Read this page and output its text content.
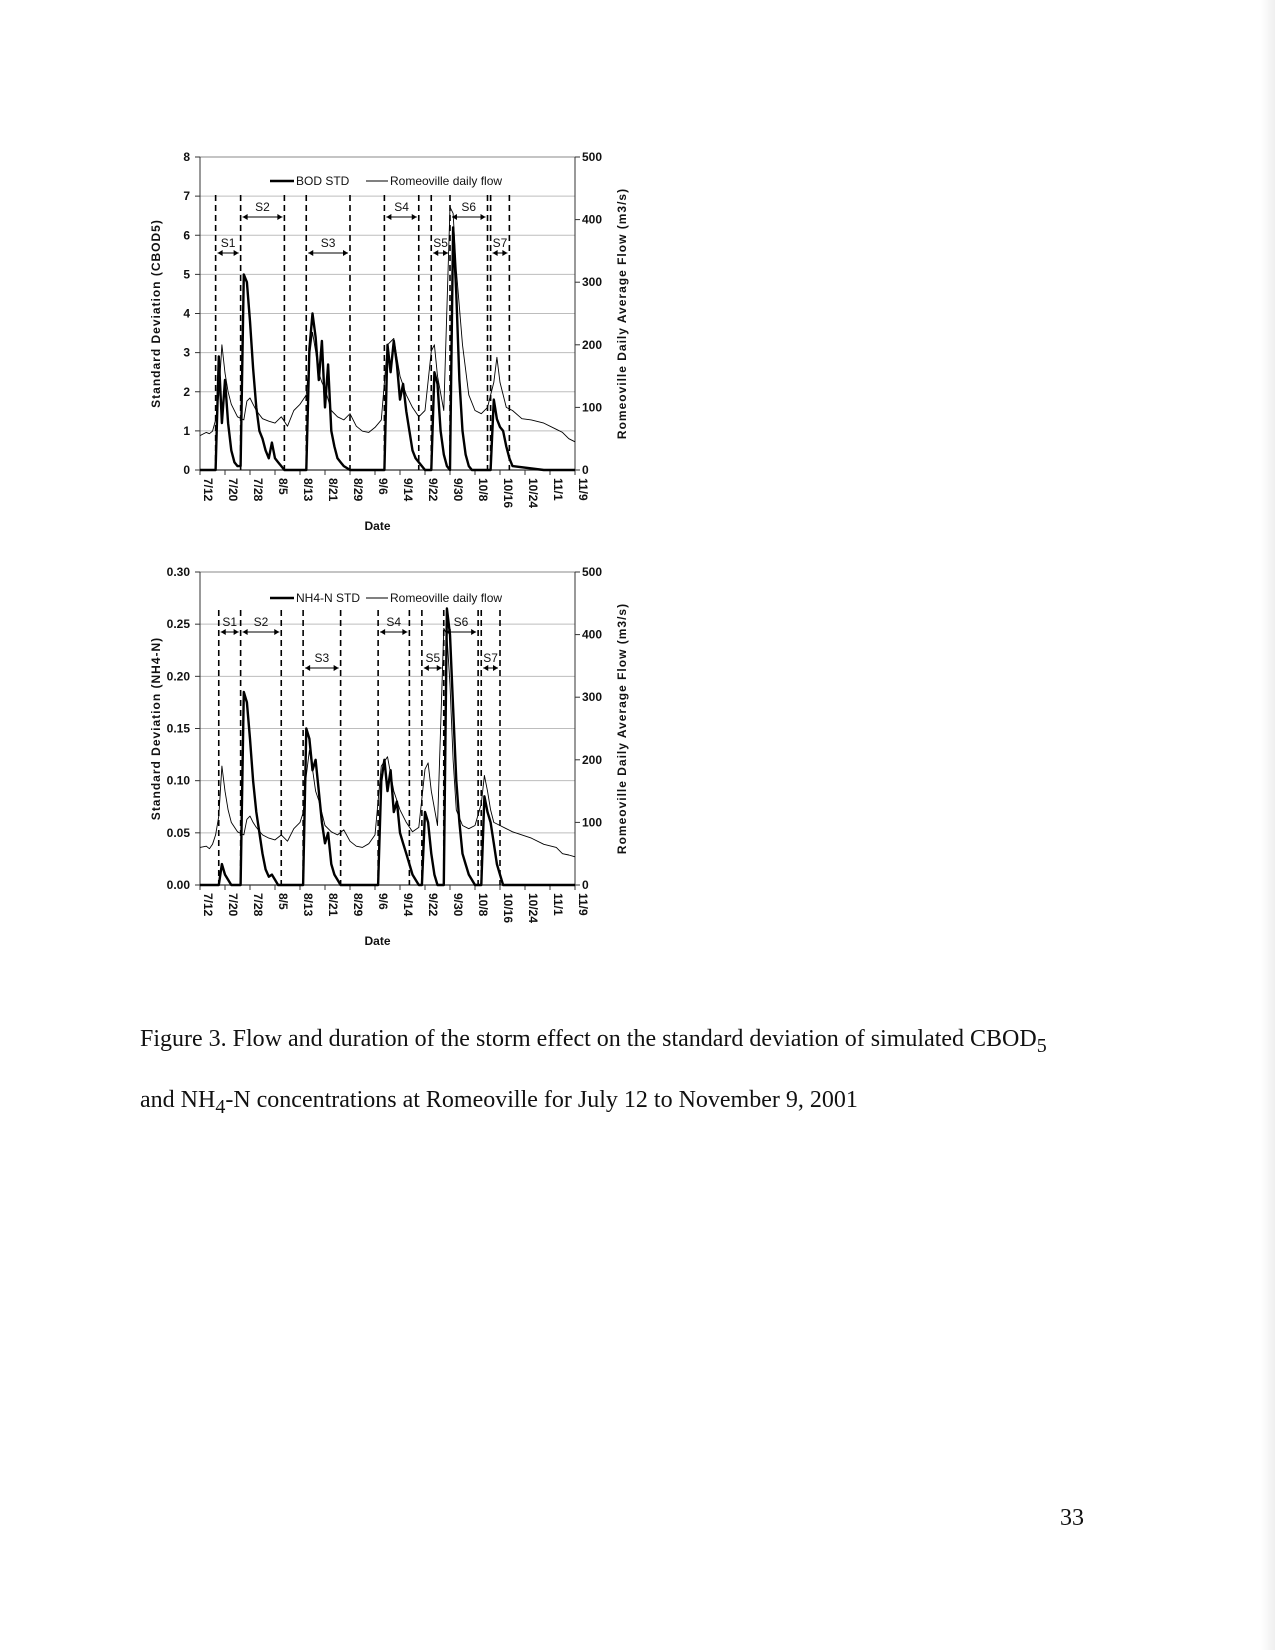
0
1
2
3
4
5
6
7
8
0
100
200
300
400
500
7/12 7/20 7/28 8/5 8/13 8/21 8/29 9/6 9/14 9/22 9/30 10/8 10/16 10/24 11/1 11/9
Date
Standard Deviation (CBOD5)	Romeoville Daily Average Flow (m3/s)
S1
S2
S3
S4
S5
S6
S7
BOD STD	Romeoville daily flow
0.00
0.05
0.10
0.15
0.20
0.25
0.30
0
100
200
300
400
500
7/12 7/20 7/28 8/5 8/13 8/21 8/29 9/6 9/14 9/22 9/30 10/8 10/16 10/24 11/1 11/9
Date
Standard Deviation (NH4-N)	Romeoville Daily Average Flow (m3/s)
S1 S2
S3
S4
S5
S6
S7
NH4-N STD Romeoville daily flow

Figure 3. Flow and duration of the storm effect on the standard deviation of simulated $CBOD_5$

and $NH_4-N$ concentrations at Romeoville for July 12 to November 9, 2001

33
